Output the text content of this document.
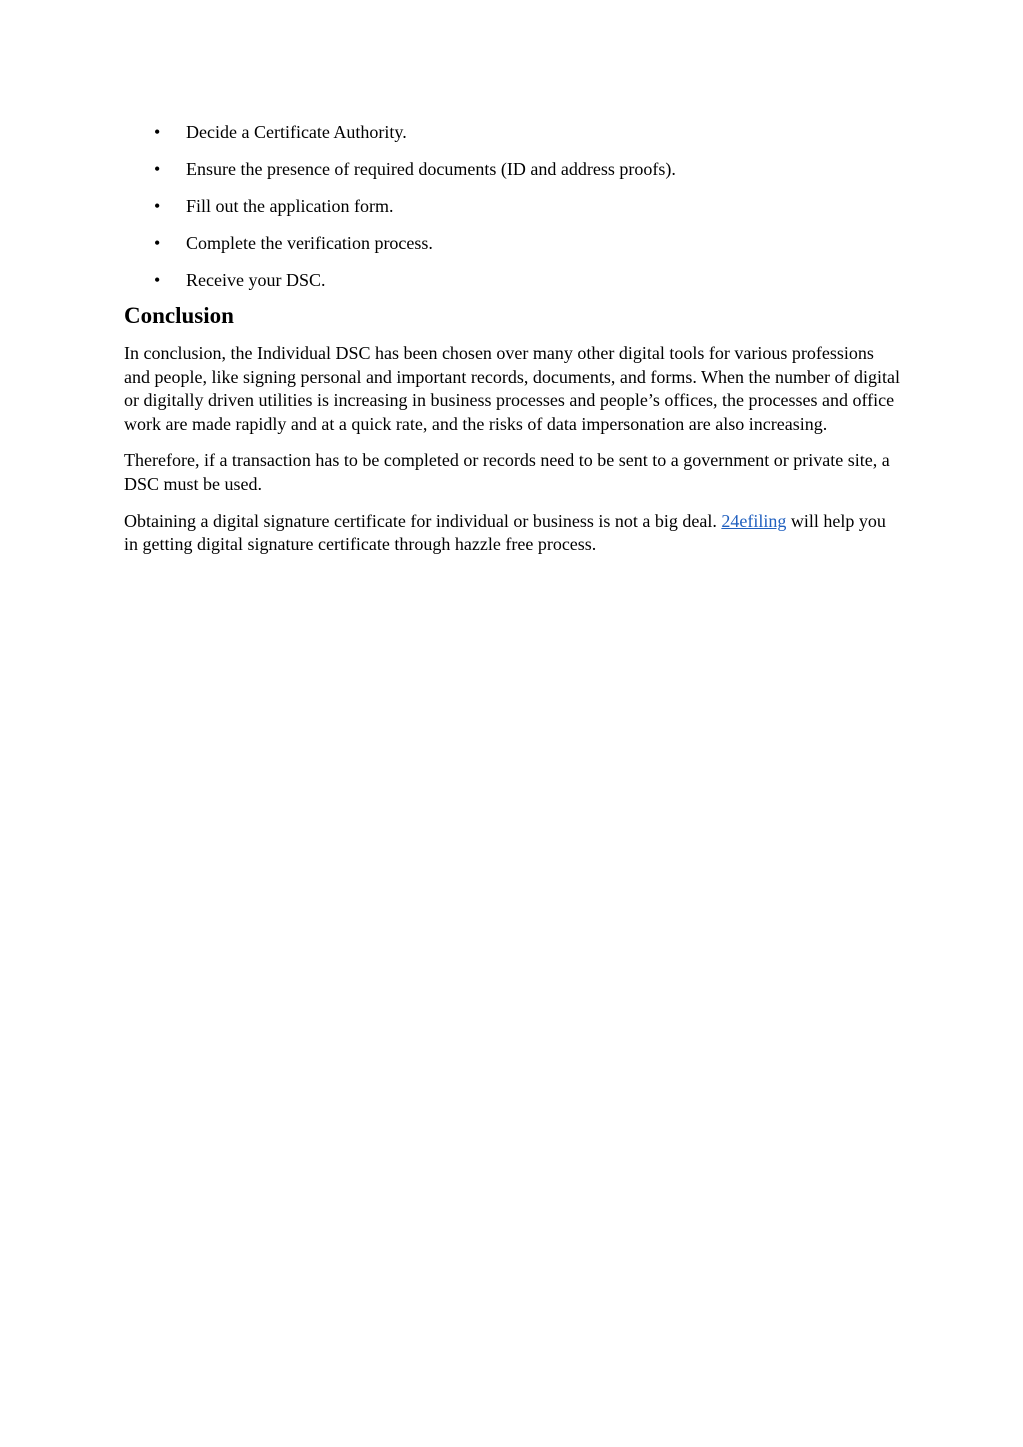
• Decide a Certificate Authority.
• Ensure the presence of required documents (ID and address proofs).
• Fill out the application form.
• Complete the verification process.
• Receive your DSC.
Conclusion

In conclusion, the Individual DSC has been chosen over many other digital tools for various professions and people, like signing personal and important records, documents, and forms. When the number of digital or digitally driven utilities is increasing in business processes and people’s offices, the processes and office work are made rapidly and at a quick rate, and the risks of data impersonation are also increasing.

Therefore, if a transaction has to be completed or records need to be sent to a government or private site, a DSC must be used.

Obtaining a digital signature certificate for individual or business is not a big deal. 24efiling will help you in getting digital signature certificate through hazzle free process.
